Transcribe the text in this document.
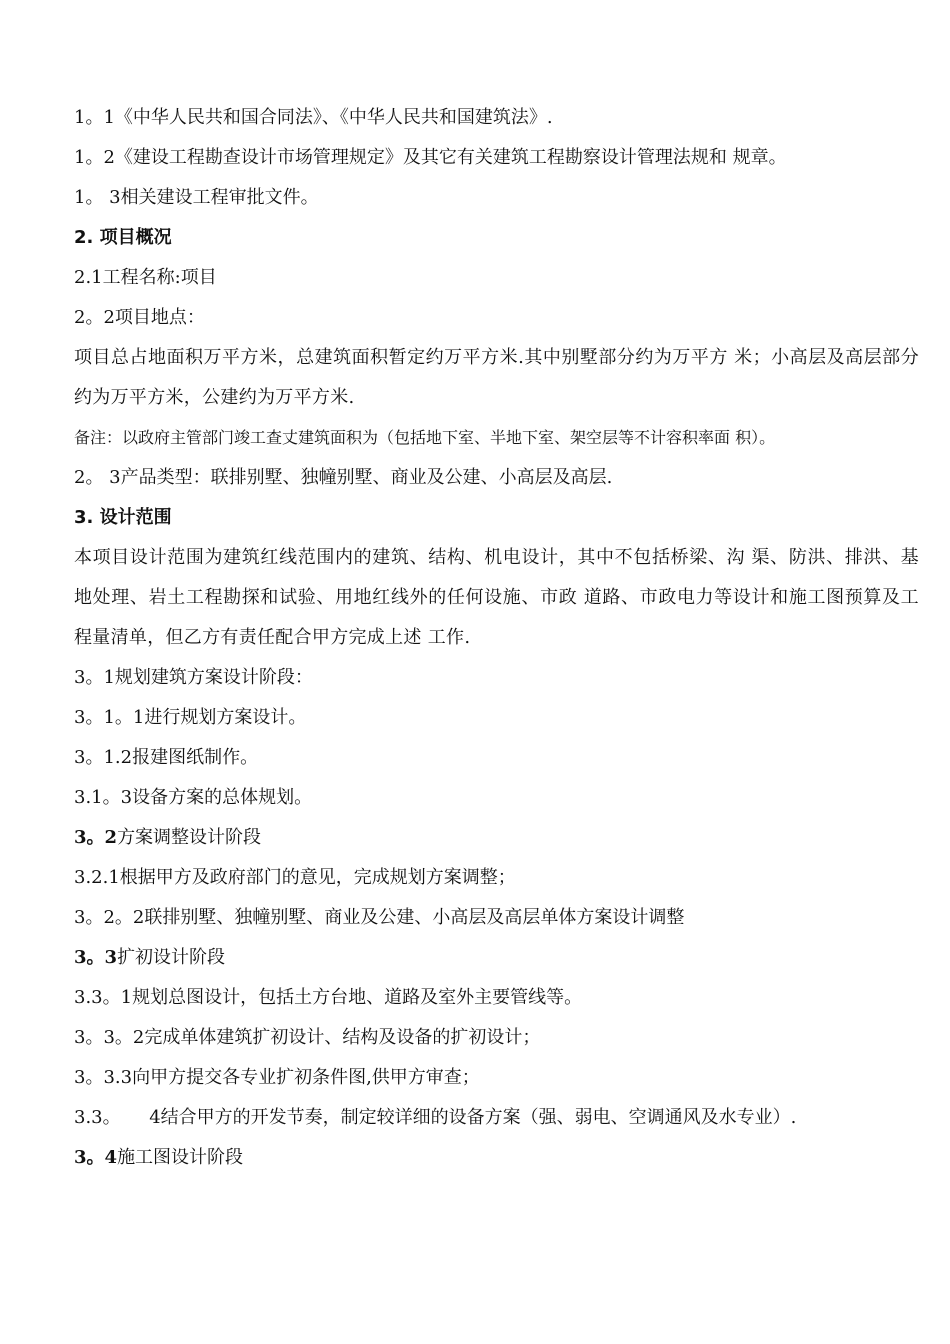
1。1《中华人民共和国合同法》、《中华人民共和国建筑法》.
1。2《建设工程勘查设计市场管理规定》及其它有关建筑工程勘察设计管理法规和 规章。
1。 3相关建设工程审批文件。
2. 项目概况
2.1工程名称:项目
2。2项目地点：
项目总占地面积万平方米，总建筑面积暂定约万平方米.其中别墅部分约为万平方 米；小高层及高层部分约为万平方米，公建约为万平方米.
备注：以政府主管部门竣工查丈建筑面积为（包括地下室、半地下室、架空层等不计容积率面 积）。
2。 3产品类型：联排别墅、独幢别墅、商业及公建、小高层及高层.
3. 设计范围
本项目设计范围为建筑红线范围内的建筑、结构、机电设计，其中不包括桥梁、沟 渠、防洪、排洪、基地处理、岩土工程勘探和试验、用地红线外的任何设施、市政 道路、市政电力等设计和施工图预算及工程量清单，但乙方有责任配合甲方完成上述 工作.
3。1规划建筑方案设计阶段：
3。1。1进行规划方案设计。
3。1.2报建图纸制作。
3.1。3设备方案的总体规划。
3。2方案调整设计阶段
3.2.1根据甲方及政府部门的意见，完成规划方案调整；
3。2。2联排别墅、独幢别墅、商业及公建、小高层及高层单体方案设计调整
3。3扩初设计阶段
3.3。1规划总图设计，包括土方台地、道路及室外主要管线等。
3。3。2完成单体建筑扩初设计、结构及设备的扩初设计；
3。3.3向甲方提交各专业扩初条件图,供甲方审查；
3.3。     4结合甲方的开发节奏，制定较详细的设备方案（强、弱电、空调通风及水专业）.
3。4施工图设计阶段
